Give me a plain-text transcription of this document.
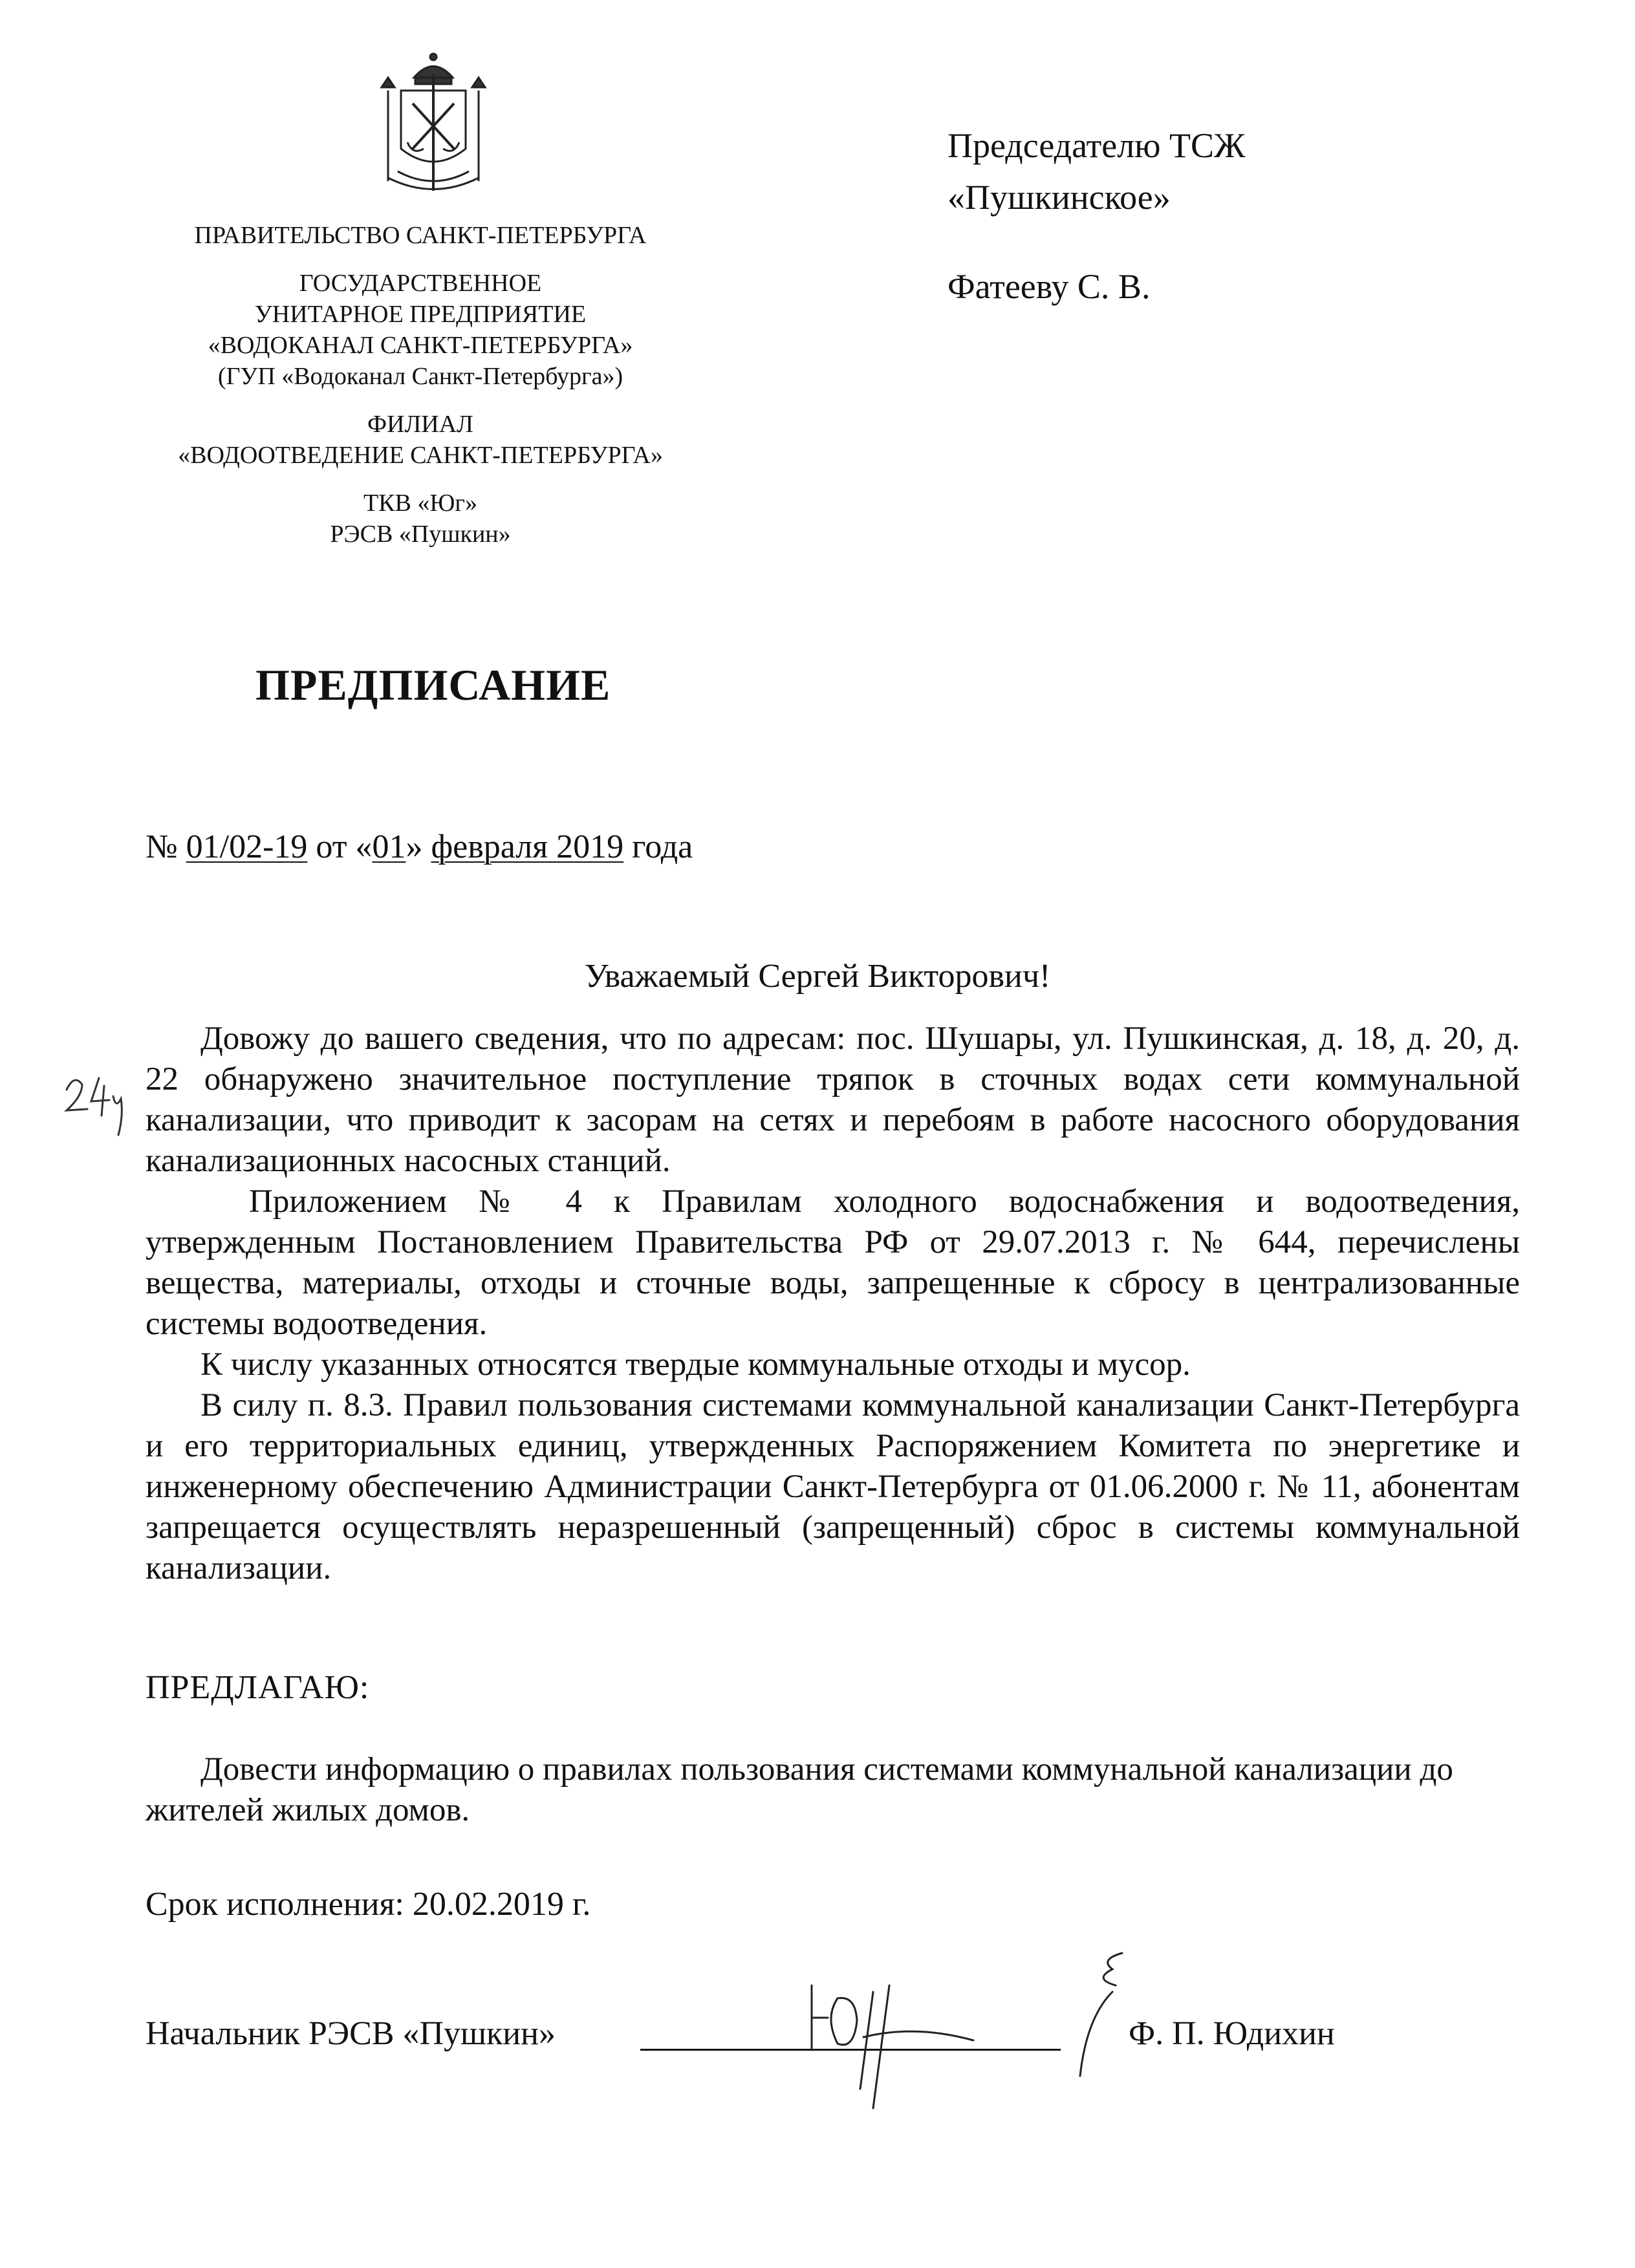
ПРАВИТЕЛЬСТВО САНКТ-ПЕТЕРБУРГА

ГОСУДАРСТВЕННОЕ
УНИТАРНОЕ ПРЕДПРИЯТИЕ
«ВОДОКАНАЛ САНКТ-ПЕТЕРБУРГА»
(ГУП «Водоканал Санкт-Петербурга»)

ФИЛИАЛ
«ВОДООТВЕДЕНИЕ САНКТ-ПЕТЕРБУРГА»

ТКВ «Юг»
РЭСВ «Пушкин»

Председателю ТСЖ
«Пушкинское»
Фатееву С. В.
ПРЕДПИСАНИЕ
№ 01/02-19 от «01» февраля 2019 года
Уважаемый Сергей Викторович!

Довожу до вашего сведения, что по адресам: пос. Шушары, ул. Пушкинская, д. 18, д. 20, д. 22 обнаружено значительное поступление тряпок в сточных водах сети коммунальной канализации, что приводит к засорам на сетях и перебоям в работе насосного оборудования канализационных насосных станций.

Приложением № 4 к Правилам холодного водоснабжения и водоотведения, утвержденным Постановлением Правительства РФ от 29.07.2013 г. № 644, перечислены вещества, материалы, отходы и сточные воды, запрещенные к сбросу в централизованные системы водоотведения.

К числу указанных относятся твердые коммунальные отходы и мусор.

В силу п. 8.3. Правил пользования системами коммунальной канализации Санкт-Петербурга и его территориальных единиц, утвержденных Распоряжением Комитета по энергетике и инженерному обеспечению Администрации Санкт-Петербурга от 01.06.2000 г. № 11, абонентам запрещается осуществлять неразрешенный (запрещенный) сброс в системы коммунальной канализации.

ПРЕДЛАГАЮ:

Довести информацию о правилах пользования системами коммунальной канализации до жителей жилых домов.

Срок исполнения: 20.02.2019 г.
Начальник РЭСВ «Пушкин»	Ф. П. Юдихин
